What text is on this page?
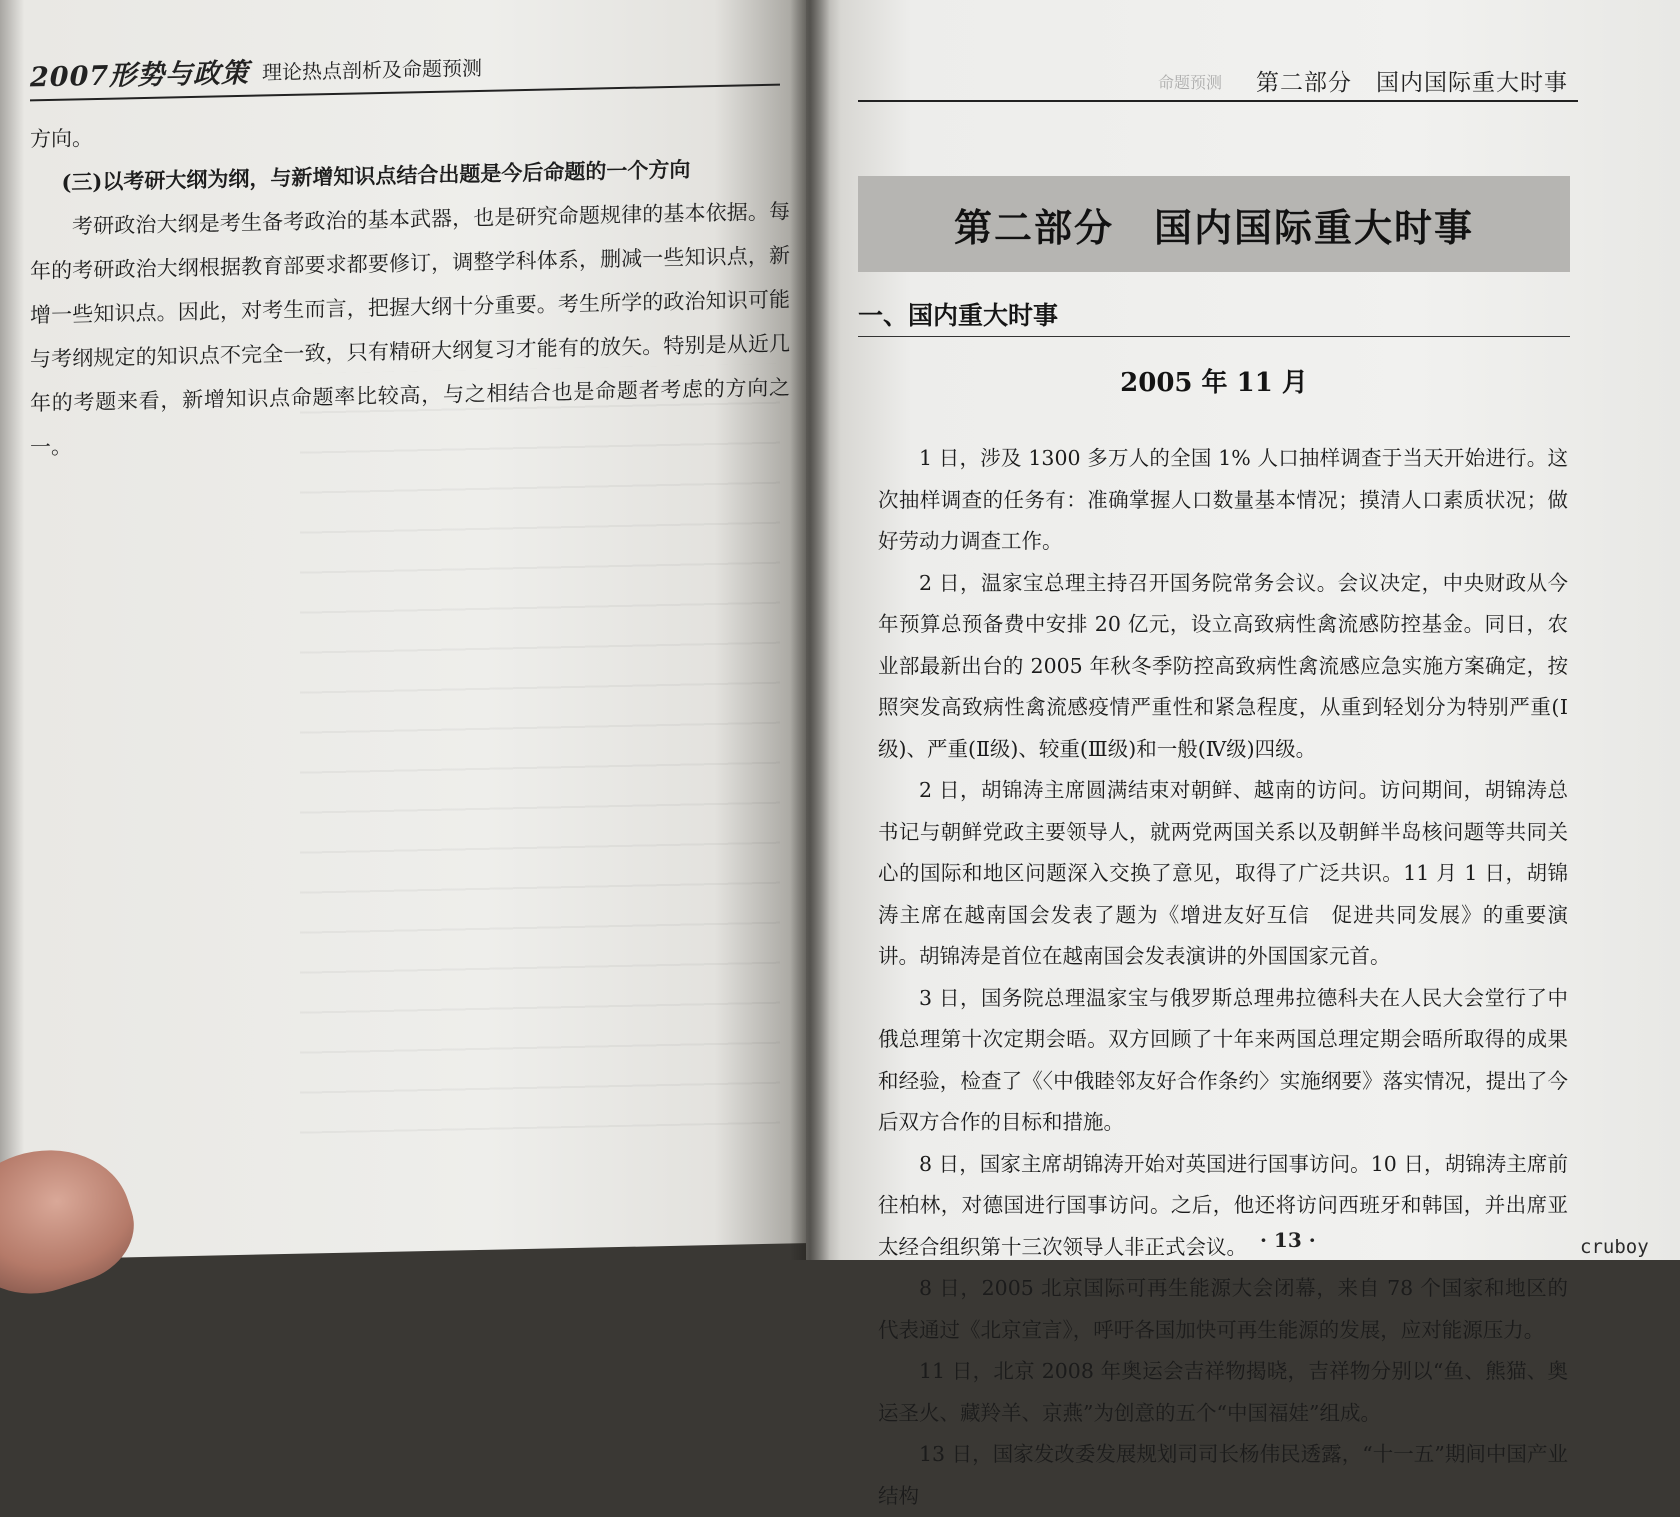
2007形势与政策 理论热点剖析及命题预测

方向。

(三)以考研大纲为纲，与新增知识点结合出题是今后命题的一个方向

考研政治大纲是考生备考政治的基本武器，也是研究命题规律的基本依据。每年的考研政治大纲根据教育部要求都要修订，调整学科体系，删减一些知识点，新增一些知识点。因此，对考生而言，把握大纲十分重要。考生所学的政治知识可能与考纲规定的知识点不完全一致，只有精研大纲复习才能有的放矢。特别是从近几年的考题来看，新增知识点命题率比较高，与之相结合也是命题者考虑的方向之一。

命题预测 第二部分　国内国际重大时事
第二部分　国内国际重大时事
一、国内重大时事
2005 年 11 月

1 日，涉及 1300 多万人的全国 1% 人口抽样调查于当天开始进行。这次抽样调查的任务有：准确掌握人口数量基本情况；摸清人口素质状况；做好劳动力调查工作。

2 日，温家宝总理主持召开国务院常务会议。会议决定，中央财政从今年预算总预备费中安排 20 亿元，设立高致病性禽流感防控基金。同日，农业部最新出台的 2005 年秋冬季防控高致病性禽流感应急实施方案确定，按照突发高致病性禽流感疫情严重性和紧急程度，从重到轻划分为特别严重(Ⅰ级)、严重(Ⅱ级)、较重(Ⅲ级)和一般(Ⅳ级)四级。

2 日，胡锦涛主席圆满结束对朝鲜、越南的访问。访问期间，胡锦涛总书记与朝鲜党政主要领导人，就两党两国关系以及朝鲜半岛核问题等共同关心的国际和地区问题深入交换了意见，取得了广泛共识。11 月 1 日，胡锦涛主席在越南国会发表了题为《增进友好互信　促进共同发展》的重要演讲。胡锦涛是首位在越南国会发表演讲的外国国家元首。

3 日，国务院总理温家宝与俄罗斯总理弗拉德科夫在人民大会堂行了中俄总理第十次定期会晤。双方回顾了十年来两国总理定期会晤所取得的成果和经验，检查了《〈中俄睦邻友好合作条约〉实施纲要》落实情况，提出了今后双方合作的目标和措施。

8 日，国家主席胡锦涛开始对英国进行国事访问。10 日，胡锦涛主席前往柏林，对德国进行国事访问。之后，他还将访问西班牙和韩国，并出席亚太经合组织第十三次领导人非正式会议。

8 日，2005 北京国际可再生能源大会闭幕，来自 78 个国家和地区的代表通过《北京宣言》，呼吁各国加快可再生能源的发展，应对能源压力。

11 日，北京 2008 年奥运会吉祥物揭晓，吉祥物分别以“鱼、熊猫、奥运圣火、藏羚羊、京燕”为创意的五个“中国福娃”组成。

13 日，国家发改委发展规划司司长杨伟民透露，“十一五”期间中国产业结构

· 13 ·	cruboy
